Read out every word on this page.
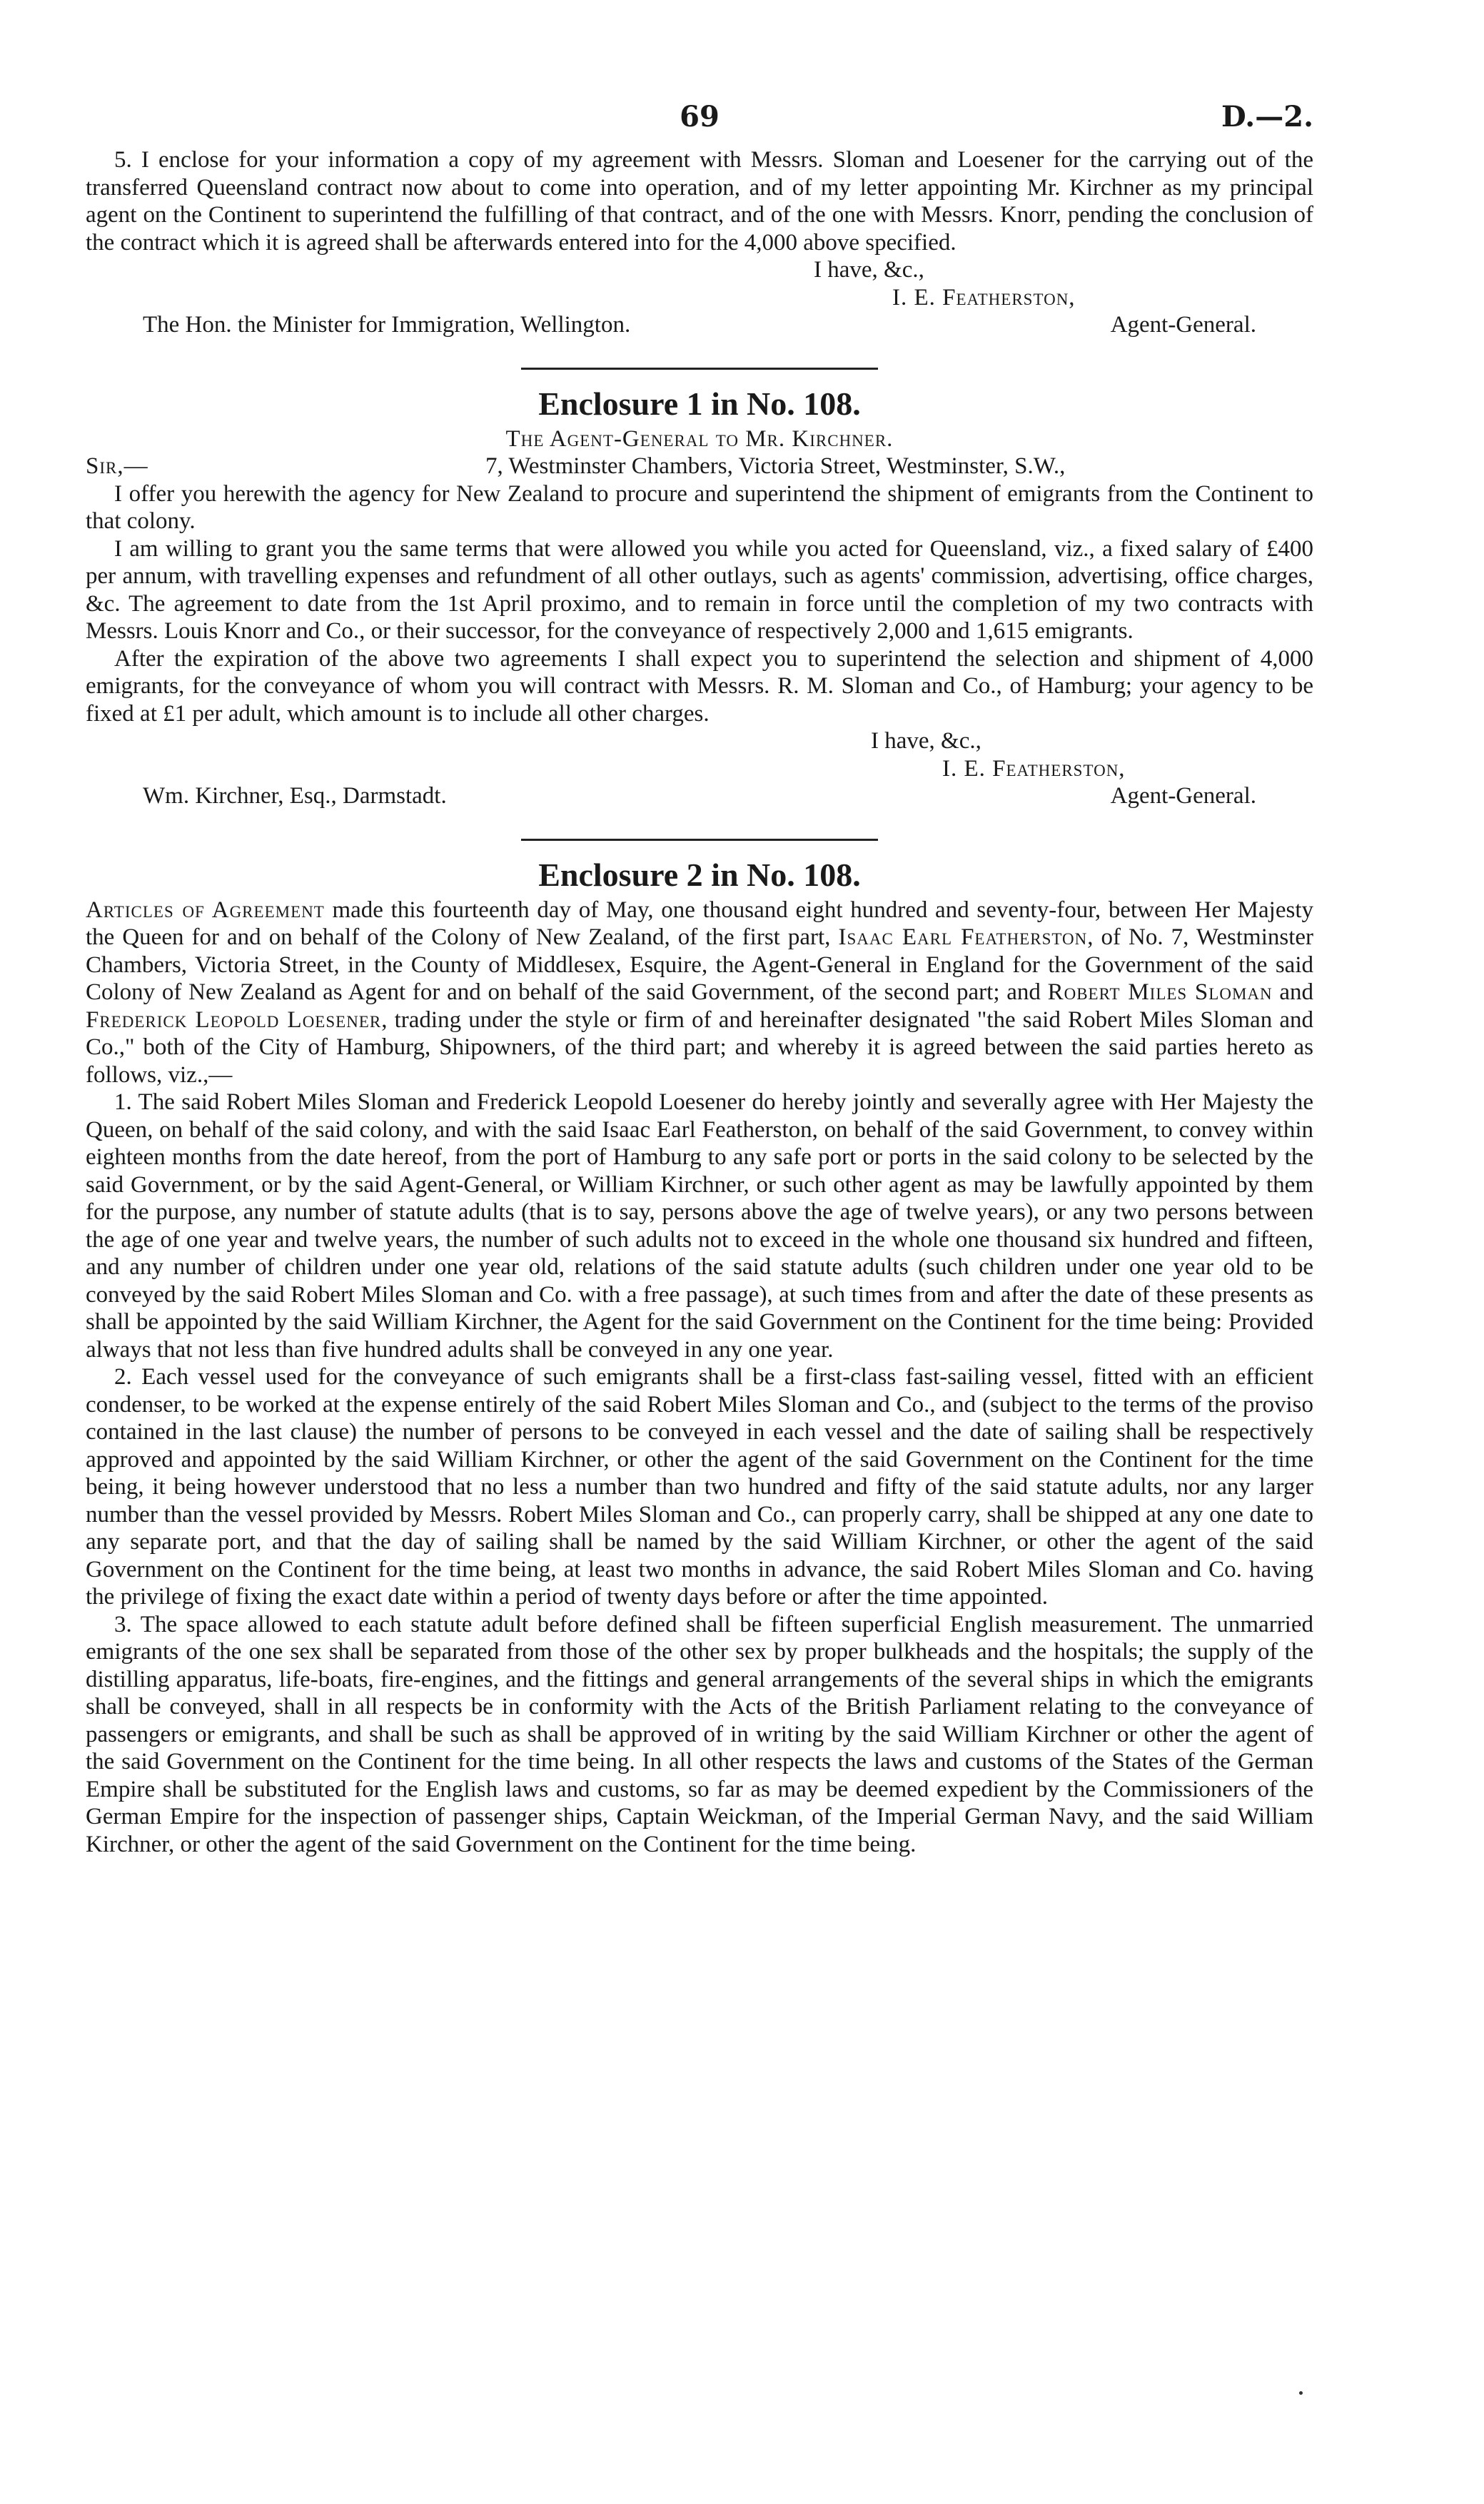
69	D.—2.

5. I enclose for your information a copy of my agreement with Messrs. Sloman and Loesener for the carrying out of the transferred Queensland contract now about to come into operation, and of my letter appointing Mr. Kirchner as my principal agent on the Continent to superintend the fulfilling of that contract, and of the one with Messrs. Knorr, pending the conclusion of the contract which it is agreed shall be afterwards entered into for the 4,000 above specified.

I have, &c.,
I. E. Featherston,
The Hon. the Minister for Immigration, Wellington.	Agent-General.
Enclosure 1 in No. 108.
The Agent-General to Mr. Kirchner.
Sir,—	7, Westminster Chambers, Victoria Street, Westminster, S.W.,

I offer you herewith the agency for New Zealand to procure and superintend the shipment of emigrants from the Continent to that colony.

I am willing to grant you the same terms that were allowed you while you acted for Queensland, viz., a fixed salary of £400 per annum, with travelling expenses and refundment of all other outlays, such as agents' commission, advertising, office charges, &c. The agreement to date from the 1st April proximo, and to remain in force until the completion of my two contracts with Messrs. Louis Knorr and Co., or their successor, for the conveyance of respectively 2,000 and 1,615 emigrants.

After the expiration of the above two agreements I shall expect you to superintend the selection and shipment of 4,000 emigrants, for the conveyance of whom you will contract with Messrs. R. M. Sloman and Co., of Hamburg; your agency to be fixed at £1 per adult, which amount is to include all other charges.

I have, &c.,
I. E. Featherston,
Wm. Kirchner, Esq., Darmstadt.	Agent-General.
Enclosure 2 in No. 108.

Articles of Agreement made this fourteenth day of May, one thousand eight hundred and seventy-four, between Her Majesty the Queen for and on behalf of the Colony of New Zealand, of the first part, Isaac Earl Featherston, of No. 7, Westminster Chambers, Victoria Street, in the County of Middlesex, Esquire, the Agent-General in England for the Government of the said Colony of New Zealand as Agent for and on behalf of the said Government, of the second part; and Robert Miles Sloman and Frederick Leopold Loesener, trading under the style or firm of and hereinafter designated "the said Robert Miles Sloman and Co.," both of the City of Hamburg, Shipowners, of the third part; and whereby it is agreed between the said parties hereto as follows, viz.,—

1. The said Robert Miles Sloman and Frederick Leopold Loesener do hereby jointly and severally agree with Her Majesty the Queen, on behalf of the said colony, and with the said Isaac Earl Featherston, on behalf of the said Government, to convey within eighteen months from the date hereof, from the port of Hamburg to any safe port or ports in the said colony to be selected by the said Government, or by the said Agent-General, or William Kirchner, or such other agent as may be lawfully appointed by them for the purpose, any number of statute adults (that is to say, persons above the age of twelve years), or any two persons between the age of one year and twelve years, the number of such adults not to exceed in the whole one thousand six hundred and fifteen, and any number of children under one year old, relations of the said statute adults (such children under one year old to be conveyed by the said Robert Miles Sloman and Co. with a free passage), at such times from and after the date of these presents as shall be appointed by the said William Kirchner, the Agent for the said Government on the Continent for the time being: Provided always that not less than five hundred adults shall be conveyed in any one year.

2. Each vessel used for the conveyance of such emigrants shall be a first-class fast-sailing vessel, fitted with an efficient condenser, to be worked at the expense entirely of the said Robert Miles Sloman and Co., and (subject to the terms of the proviso contained in the last clause) the number of persons to be conveyed in each vessel and the date of sailing shall be respectively approved and appointed by the said William Kirchner, or other the agent of the said Government on the Continent for the time being, it being however understood that no less a number than two hundred and fifty of the said statute adults, nor any larger number than the vessel provided by Messrs. Robert Miles Sloman and Co., can properly carry, shall be shipped at any one date to any separate port, and that the day of sailing shall be named by the said William Kirchner, or other the agent of the said Government on the Continent for the time being, at least two months in advance, the said Robert Miles Sloman and Co. having the privilege of fixing the exact date within a period of twenty days before or after the time appointed.

3. The space allowed to each statute adult before defined shall be fifteen superficial English measurement. The unmarried emigrants of the one sex shall be separated from those of the other sex by proper bulkheads and the hospitals; the supply of the distilling apparatus, life-boats, fire-engines, and the fittings and general arrangements of the several ships in which the emigrants shall be conveyed, shall in all respects be in conformity with the Acts of the British Parliament relating to the conveyance of passengers or emigrants, and shall be such as shall be approved of in writing by the said William Kirchner or other the agent of the said Government on the Continent for the time being. In all other respects the laws and customs of the States of the German Empire shall be substituted for the English laws and customs, so far as may be deemed expedient by the Commissioners of the German Empire for the inspection of passenger ships, Captain Weickman, of the Imperial German Navy, and the said William Kirchner, or other the agent of the said Government on the Continent for the time being.
